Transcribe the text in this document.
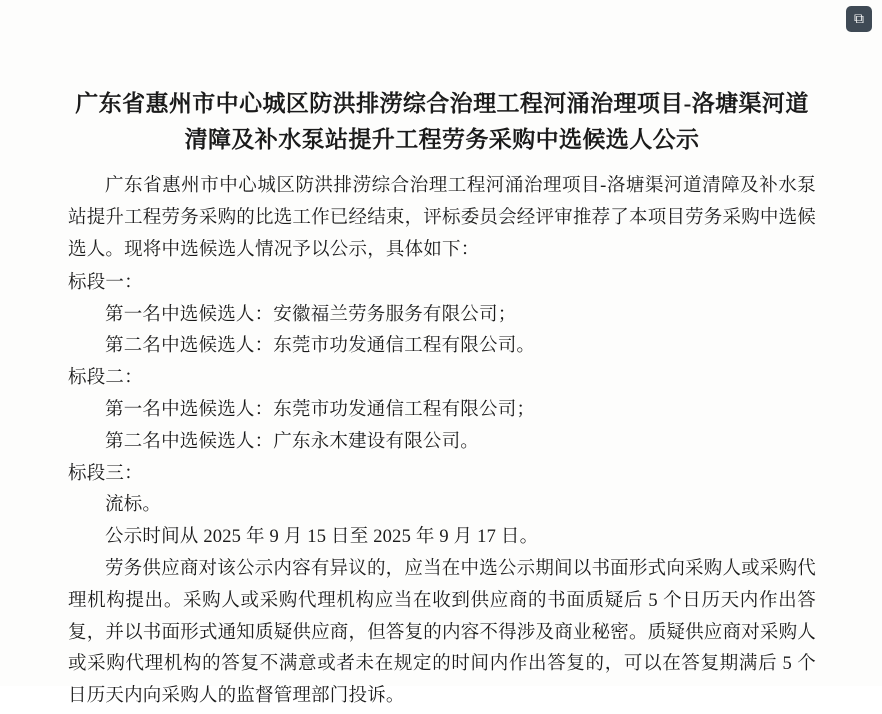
⧉
广东省惠州市中心城区防洪排涝综合治理工程河涌治理项目-洛塘渠河道清障及补水泵站提升工程劳务采购中选候选人公示

广东省惠州市中心城区防洪排涝综合治理工程河涌治理项目-洛塘渠河道清障及补水泵站提升工程劳务采购的比选工作已经结束，评标委员会经评审推荐了本项目劳务采购中选候选人。现将中选候选人情况予以公示，具体如下：

标段一：

第一名中选候选人：安徽福兰劳务服务有限公司；

第二名中选候选人：东莞市功发通信工程有限公司。

标段二：

第一名中选候选人：东莞市功发通信工程有限公司；

第二名中选候选人：广东永木建设有限公司。

标段三：

流标。

公示时间从 2025 年 9 月 15 日至 2025 年 9 月 17 日。

劳务供应商对该公示内容有异议的，应当在中选公示期间以书面形式向采购人或采购代理机构提出。采购人或采购代理机构应当在收到供应商的书面质疑后 5 个日历天内作出答复，并以书面形式通知质疑供应商，但答复的内容不得涉及商业秘密。质疑供应商对采购人或采购代理机构的答复不满意或者未在规定的时间内作出答复的，可以在答复期满后 5 个日历天内向采购人的监督管理部门投诉。
